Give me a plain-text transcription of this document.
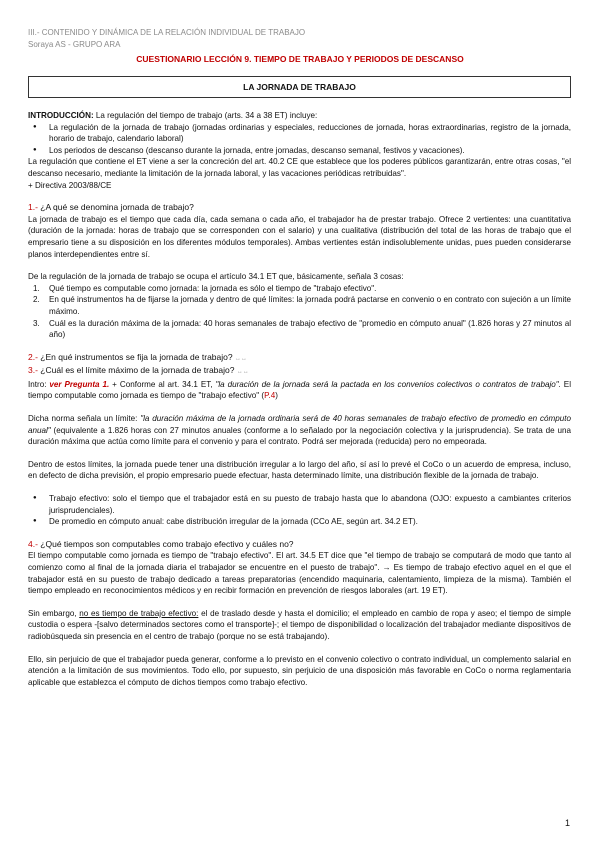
III.- CONTENIDO Y DINÁMICA DE LA RELACIÓN INDIVIDUAL DE TRABAJO
Soraya AS - GRUPO ARA
CUESTIONARIO LECCIÓN 9. TIEMPO DE TRABAJO Y PERIODOS DE DESCANSO
LA JORNADA DE TRABAJO

INTRODUCCIÓN: La regulación del tiempo de trabajo (arts. 34 a 38 ET) incluye:

● La regulación de la jornada de trabajo (jornadas ordinarias y especiales, reducciones de jornada, horas extraordinarias, registro de la jornada, horario de trabajo, calendario laboral)
● Los periodos de descanso (descanso durante la jornada, entre jornadas, descanso semanal, festivos y vacaciones).

La regulación que contiene el ET viene a ser la concreción del art. 40.2 CE que establece que los poderes públicos garantizarán, entre otras cosas, "el descanso necesario, mediante la limitación de la jornada laboral, y las vacaciones periódicas retribuidas".

+ Directiva 2003/88/CE

1.- ¿A qué se denomina jornada de trabajo?

La jornada de trabajo es el tiempo que cada día, cada semana o cada año, el trabajador ha de prestar trabajo. Ofrece 2 vertientes: una cuantitativa (duración de la jornada: horas de trabajo que se corresponden con el salario) y una cualitativa (distribución del total de las horas de trabajo que el empresario tiene a su disposición en los diferentes módulos temporales). Ambas vertientes están indisolublemente unidas, pues pueden considerarse planos interdependientes entre sí.

De la regulación de la jornada de trabajo se ocupa el artículo 34.1 ET que, básicamente, señala 3 cosas:

1. Qué tiempo es computable como jornada: la jornada es sólo el tiempo de "trabajo efectivo".
2. En qué instrumentos ha de fijarse la jornada y dentro de qué límites: la jornada podrá pactarse en convenio o en contrato con sujeción a un límite máximo.
3. Cuál es la duración máxima de la jornada: 40 horas semanales de trabajo efectivo de "promedio en cómputo anual" (1.826 horas y 27 minutos al año)

2.- ¿En qué instrumentos se fija la jornada de trabajo? ↔↔

3.- ¿Cuál es el límite máximo de la jornada de trabajo? ↔↔

Intro: ver Pregunta 1. + Conforme al art. 34.1 ET, "la duración de la jornada será la pactada en los convenios colectivos o contratos de trabajo". El tiempo computable como jornada es tiempo de "trabajo efectivo" (P.4)

Dicha norma señala un límite: "la duración máxima de la jornada ordinaria será de 40 horas semanales de trabajo efectivo de promedio en cómputo anual" (equivalente a 1.826 horas con 27 minutos anuales (conforme a lo señalado por la negociación colectiva y la jurisprudencia). Se trata de una duración máxima que actúa como límite para el convenio y para el contrato. Podrá ser mejorada (reducida) pero no empeorada.

Dentro de estos límites, la jornada puede tener una distribución irregular a lo largo del año, sí así lo prevé el CoCo o un acuerdo de empresa, incluso, en defecto de dicha previsión, el propio empresario puede efectuar, hasta determinado límite, una distribución flexible de la jornada de trabajo.

● Trabajo efectivo: solo el tiempo que el trabajador está en su puesto de trabajo hasta que lo abandona (OJO: expuesto a cambiantes criterios jurisprudenciales).
● De promedio en cómputo anual: cabe distribución irregular de la jornada (CCo AE, según art. 34.2 ET).

4.- ¿Qué tiempos son computables como trabajo efectivo y cuáles no?

El tiempo computable como jornada es tiempo de "trabajo efectivo". El art. 34.5 ET dice que "el tiempo de trabajo se computará de modo que tanto al comienzo como al final de la jornada diaria el trabajador se encuentre en el puesto de trabajo". → Es tiempo de trabajo efectivo aquel en el que el trabajador está en su puesto de trabajo dedicado a tareas preparatorias (encendido maquinaria, calentamiento, limpieza de la misma). También el tiempo empleado en reconocimientos médicos y en recibir formación en prevención de riesgos laborales (art. 19 ET).

Sin embargo, no es tiempo de trabajo efectivo: el de traslado desde y hasta el domicilio; el empleado en cambio de ropa y aseo; el tiempo de simple custodia o espera -[salvo determinados sectores como el transporte]-; el tiempo de disponibilidad o localización del trabajador mediante dispositivos de radiobúsqueda sin presencia en el centro de trabajo (porque no se está trabajando).

Ello, sin perjuicio de que el trabajador pueda generar, conforme a lo previsto en el convenio colectivo o contrato individual, un complemento salarial en atención a la limitación de sus movimientos. Todo ello, por supuesto, sin perjuicio de una disposición más favorable en CoCo o norma reglamentaria aplicable que establezca el cómputo de dichos tiempos como trabajo efectivo.

1
